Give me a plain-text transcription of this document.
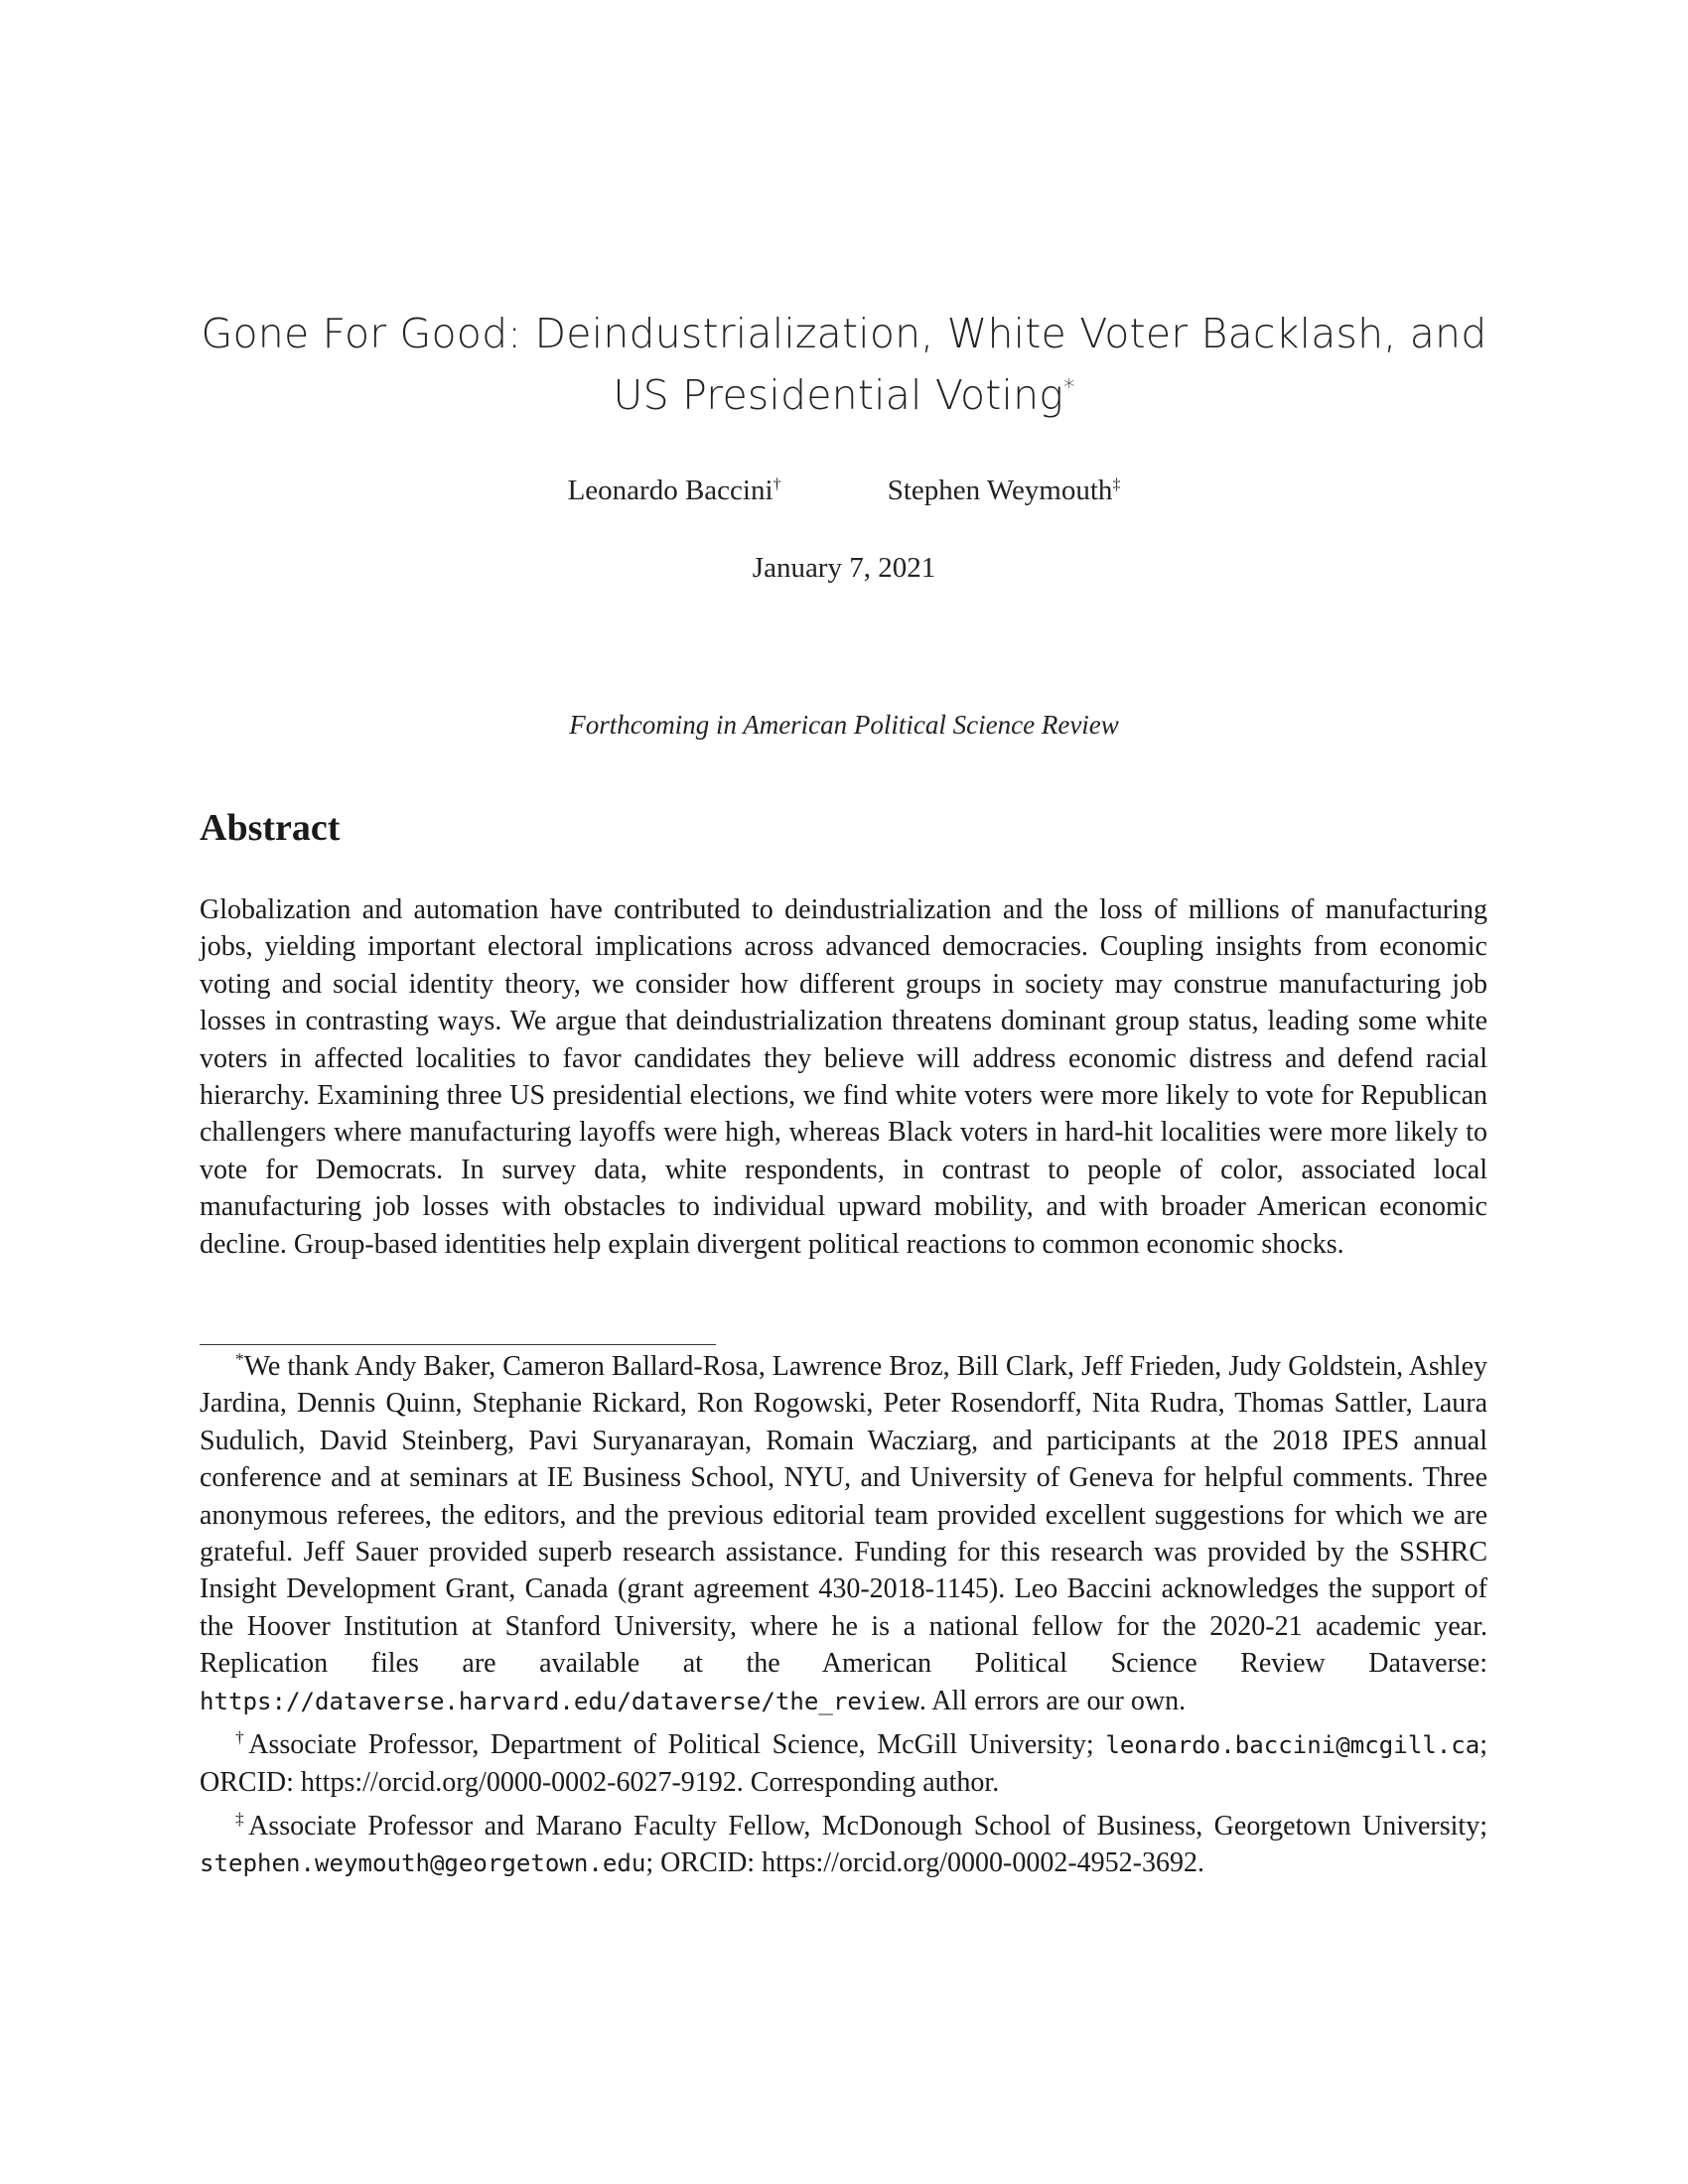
Gone For Good: Deindustrialization, White Voter Backlash, and
US Presidential Voting*
Leonardo Baccini†	Stephen Weymouth‡
January 7, 2021
Forthcoming in American Political Science Review
Abstract
Globalization and automation have contributed to deindustrialization and the loss of millions of manufacturing jobs, yielding important electoral implications across advanced democracies. Coupling insights from economic voting and social identity theory, we consider how different groups in society may construe manufacturing job losses in contrasting ways. We argue that deindustrialization threatens dominant group status, leading some white voters in affected localities to favor candidates they believe will address economic distress and defend racial hierarchy. Examining three US presidential elections, we find white voters were more likely to vote for Republican challengers where manufacturing layoffs were high, whereas Black voters in hard-hit localities were more likely to vote for Democrats. In survey data, white respondents, in contrast to people of color, associated local manufacturing job losses with obstacles to individual upward mobility, and with broader American economic decline. Group-based identities help explain divergent political reactions to common economic shocks.

*We thank Andy Baker, Cameron Ballard-Rosa, Lawrence Broz, Bill Clark, Jeff Frieden, Judy Goldstein, Ashley Jardina, Dennis Quinn, Stephanie Rickard, Ron Rogowski, Peter Rosendorff, Nita Rudra, Thomas Sattler, Laura Sudulich, David Steinberg, Pavi Suryanarayan, Romain Wacziarg, and participants at the 2018 IPES annual conference and at seminars at IE Business School, NYU, and University of Geneva for helpful comments. Three anonymous referees, the editors, and the previous editorial team provided excellent suggestions for which we are grateful. Jeff Sauer provided superb research assistance. Funding for this research was provided by the SSHRC Insight Development Grant, Canada (grant agreement 430-2018-1145). Leo Baccini acknowledges the support of the Hoover Institution at Stanford University, where he is a national fellow for the 2020-21 academic year. Replication files are available at the American Political Science Review Dataverse: https://dataverse.harvard.edu/dataverse/the_review. All errors are our own.

†Associate Professor, Department of Political Science, McGill University; leonardo.baccini@mcgill.ca; ORCID: https://orcid.org/0000-0002-6027-9192. Corresponding author.

‡Associate Professor and Marano Faculty Fellow, McDonough School of Business, Georgetown University; stephen.weymouth@georgetown.edu; ORCID: https://orcid.org/0000-0002-4952-3692.
